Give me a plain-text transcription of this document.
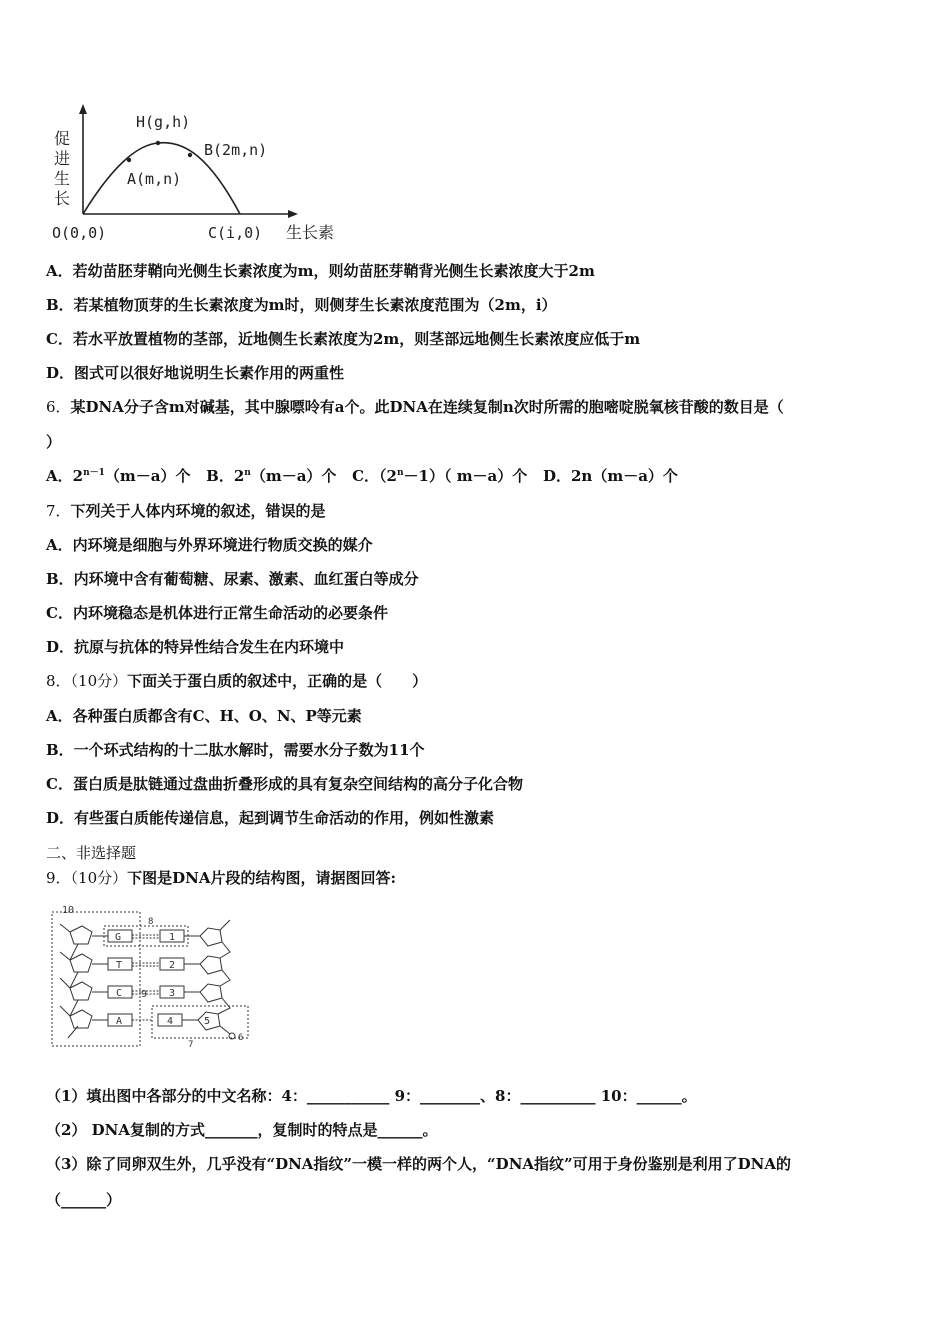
促
进
生
长
H(g,h)
A(m,n)
B(2m,n)
O(0,0)	C(i,0) 生长素
A．若幼苗胚芽鞘向光侧生长素浓度为m，则幼苗胚芽鞘背光侧生长素浓度大于2m
B．若某植物顶芽的生长素浓度为m时，则侧芽生长素浓度范围为（2m，i）
C．若水平放置植物的茎部，近地侧生长素浓度为2m，则茎部远地侧生长素浓度应低于m
D．图式可以很好地说明生长素作用的两重性
6．某DNA分子含m对碱基，其中腺嘌呤有a个。此DNA在连续复制n次时所需的胞嘧啶脱氧核苷酸的数目是（
）
A．$2^{n-1}(m-a)$个 B．$2^n(m-a)$个 C．$(2^n-1)$（ m－a）个 D．2n（m－a）个
7．下列关于人体内环境的叙述，错误的是
A．内环境是细胞与外界环境进行物质交换的媒介
B．内环境中含有葡萄糖、尿素、激素、血红蛋白等成分
C．内环境稳态是机体进行正常生命活动的必要条件
D．抗原与抗体的特异性结合发生在内环境中
8．（10分）下面关于蛋白质的叙述中，正确的是（　　）
A．各种蛋白质都含有C、H、O、N、P等元素
B．一个环式结构的十二肽水解时，需要水分子数为11个
C．蛋白质是肽链通过盘曲折叠形成的具有复杂空间结构的高分子化合物
D．有些蛋白质能传递信息，起到调节生命活动的作用，例如性激素
二、非选择题
9．（10分）下图是DNA片段的结构图，请据图回答:
10
G
T
C
A
8
9
1
2
3
4	5
6
7
（1）填出图中各部分的中文名称：4：___________ 9：________、8：__________ 10：______。
（2） DNA复制的方式_______，复制时的特点是______。
（3）除了同卵双生外，几乎没有“DNA指纹”一模一样的两个人，“DNA指纹”可用于身份鉴别是利用了DNA的
（______）
